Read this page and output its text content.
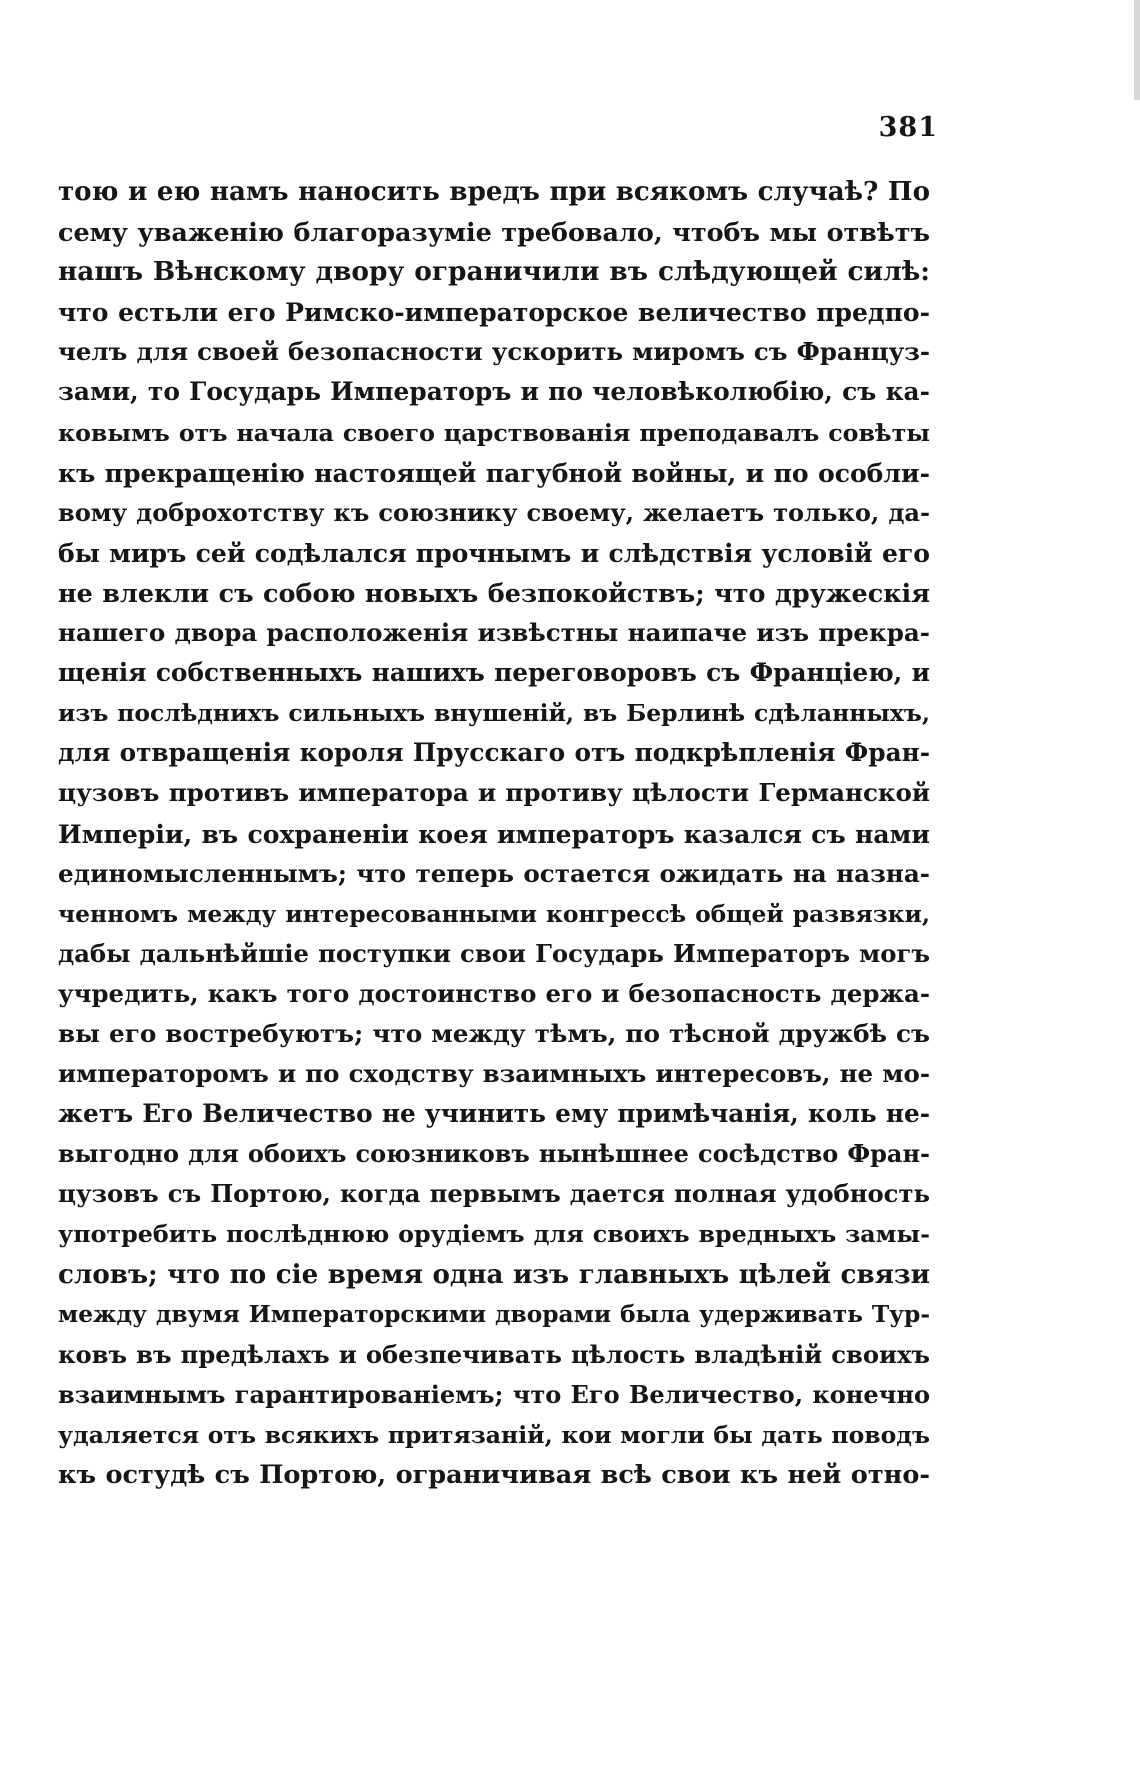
381
тою и ею намъ наносить вредъ при всякомъ случаѣ? По
сему уваженію благоразуміе требовало, чтобъ мы отвѣтъ
нашъ Вѣнскому двору ограничили въ слѣдующей силѣ:
что естьли его Римско-императорское величество предпо-
челъ для своей безопасности ускорить миромъ съ Француз-
зами, то Государь Императоръ и по человѣколюбію, съ ка-
ковымъ отъ начала своего царствованія преподавалъ совѣты
къ прекращенію настоящей пагубной войны, и по особли-
вому доброхотству къ союзнику своему, желаетъ только, да-
бы миръ сей содѣлался прочнымъ и слѣдствія условій его
не влекли съ собою новыхъ безпокойствъ; что дружескія
нашего двора расположенія извѣстны наипаче изъ прекра-
щенія собственныхъ нашихъ переговоровъ съ Франціею, и
изъ послѣднихъ сильныхъ внушеній, въ Берлинѣ сдѣланныхъ,
для отвращенія короля Прусскаго отъ подкрѣпленія Фран-
цузовъ противъ императора и противу цѣлости Германской
Имперіи, въ сохраненіи коея императоръ казался съ нами
единомысленнымъ; что теперь остается ожидать на назна-
ченномъ между интересованными конгрессѣ общей развязки,
дабы дальнѣйшіе поступки свои Государь Императоръ могъ
учредить, какъ того достоинство его и безопасность держа-
вы его востребуютъ; что между тѣмъ, по тѣсной дружбѣ съ
императоромъ и по сходству взаимныхъ интересовъ, не мо-
жетъ Его Величество не учинить ему примѣчанія, коль не-
выгодно для обоихъ союзниковъ нынѣшнее сосѣдство Фран-
цузовъ съ Портою, когда первымъ дается полная удобность
употребить послѣднюю орудіемъ для своихъ вредныхъ замы-
словъ; что по сіе время одна изъ главныхъ цѣлей связи
между двумя Императорскими дворами была удерживать Тур-
ковъ въ предѣлахъ и обезпечивать цѣлость владѣній своихъ
взаимнымъ гарантированіемъ; что Его Величество, конечно
удаляется отъ всякихъ притязаній, кои могли бы дать поводъ
къ остудѣ съ Портою, ограничивая всѣ свои къ ней отно-
